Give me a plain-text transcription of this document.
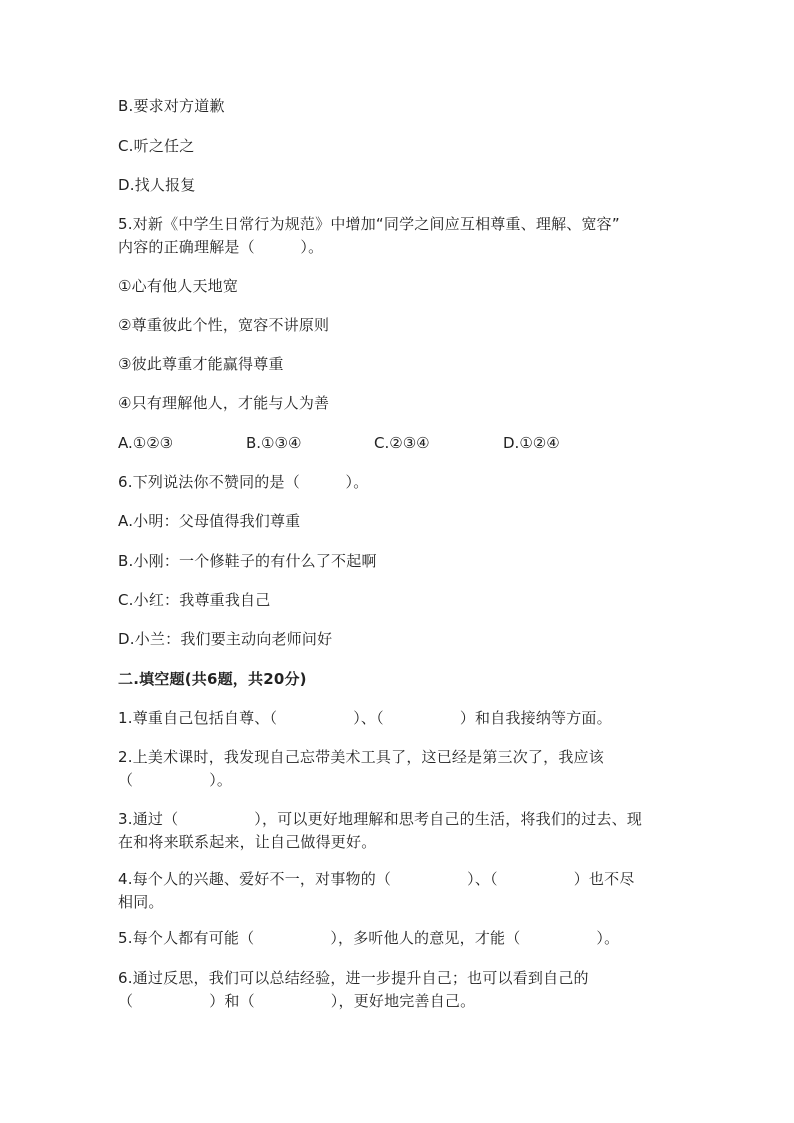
B.要求对方道歉
C.听之任之
D.找人报复
5.对新《中学生日常行为规范》中增加“同学之间应互相尊重、理解、宽容”
内容的正确理解是（　　　）。
①心有他人天地宽
②尊重彼此个性，宽容不讲原则
③彼此尊重才能赢得尊重
④只有理解他人，才能与人为善
A.①②③	B.①③④	C.②③④	D.①②④
6.下列说法你不赞同的是（　　　）。
A.小明：父母值得我们尊重
B.小刚：一个修鞋子的有什么了不起啊
C.小红：我尊重我自己
D.小兰：我们要主动向老师问好
二.填空题(共6题，共20分)
1.尊重自己包括自尊、（　　　　　）、（　　　　　）和自我接纳等方面。
2.上美术课时，我发现自己忘带美术工具了，这已经是第三次了，我应该
（　　　　　）。
3.通过（　　　　　），可以更好地理解和思考自己的生活，将我们的过去、现
在和将来联系起来，让自己做得更好。
4.每个人的兴趣、爱好不一，对事物的（　　　　　）、（　　　　　）也不尽
相同。
5.每个人都有可能（　　　　　），多听他人的意见，才能（　　　　　）。
6.通过反思，我们可以总结经验，进一步提升自己；也可以看到自己的
（　　　　　）和（　　　　　），更好地完善自己。
